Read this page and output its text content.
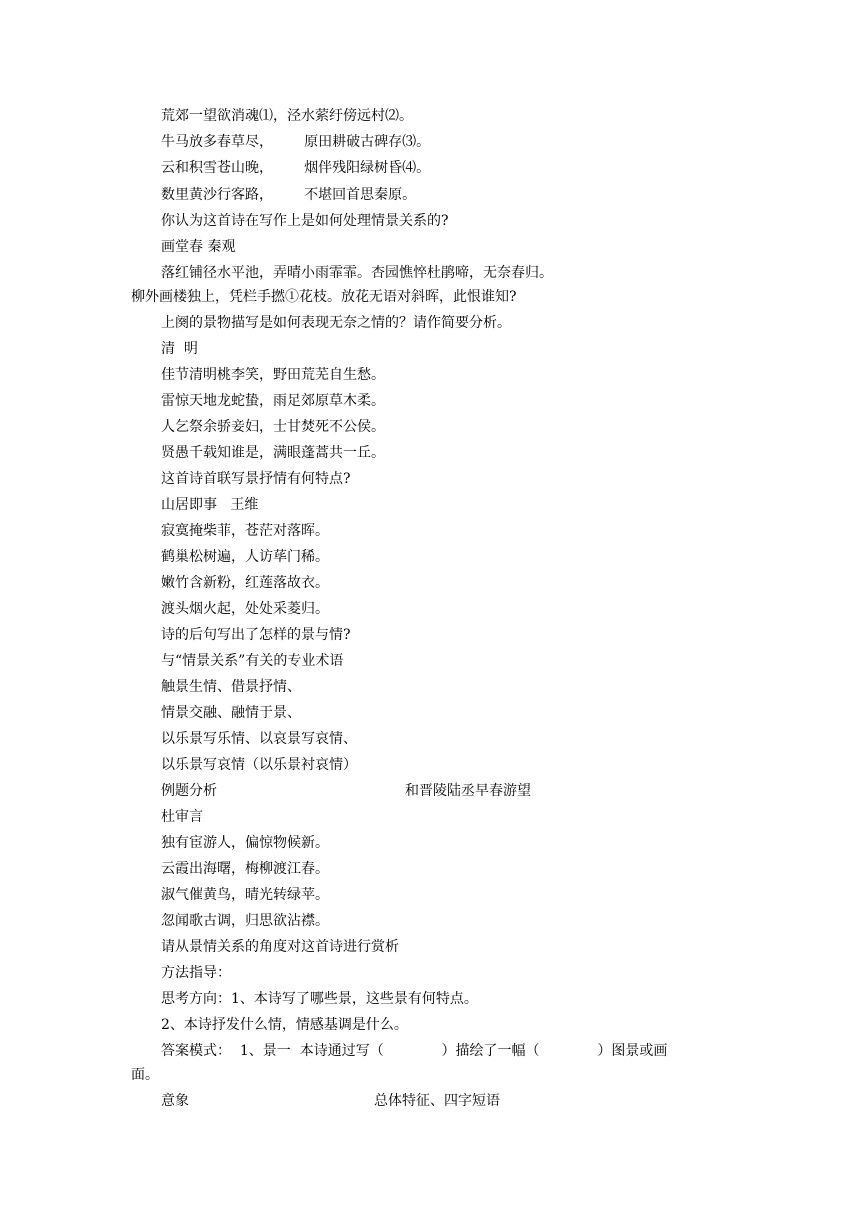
荒郊一望欲消魂⑴，泾水萦纡傍远村⑵。
牛马放多春草尽，       原田耕破古碑存⑶。
云和积雪苍山晚，       烟伴残阳绿树昏⑷。
数里黄沙行客路，       不堪回首思秦原。
你认为这首诗在写作上是如何处理情景关系的?
画堂春 秦观
落红铺径水平池，弄晴小雨霏霏。杏园憔悴杜鹃啼，无奈春归。
柳外画楼独上，凭栏手撚①花枝。放花无语对斜晖，此恨谁知?
上阕的景物描写是如何表现无奈之情的？请作简要分析。
清  明
佳节清明桃李笑，野田荒芜自生愁。
雷惊天地龙蛇蛰，雨足郊原草木柔。
人乞祭余骄妾妇，士甘焚死不公侯。
贤愚千载知谁是，满眼蓬蒿共一丘。
这首诗首联写景抒情有何特点?
山居即事   王维
寂寞掩柴菲，苍茫对落晖。
鹤巢松树遍，人访荜门稀。
嫩竹含新粉，红莲落故衣。
渡头烟火起，处处采菱归。
诗的后句写出了怎样的景与情?
与“情景关系”有关的专业术语
触景生情、借景抒情、
情景交融、融情于景、
以乐景写乐情、以哀景写哀情、
以乐景写哀情（以乐景衬哀情）
例题分析	和晋陵陆丞早春游望
杜审言
独有宦游人，偏惊物候新。
云霞出海曙，梅柳渡江春。
淑气催黄鸟，晴光转绿苹。
忽闻歌古调，归思欲沾襟。
请从景情关系的角度对这首诗进行赏析
方法指导：
思考方向：1、本诗写了哪些景，这些景有何特点。
2、本诗抒发什么情，情感基调是什么。
答案模式：  1、景一  本诗通过写（             ）描绘了一幅（             ）图景或画
面。
意象	总体特征、四字短语
